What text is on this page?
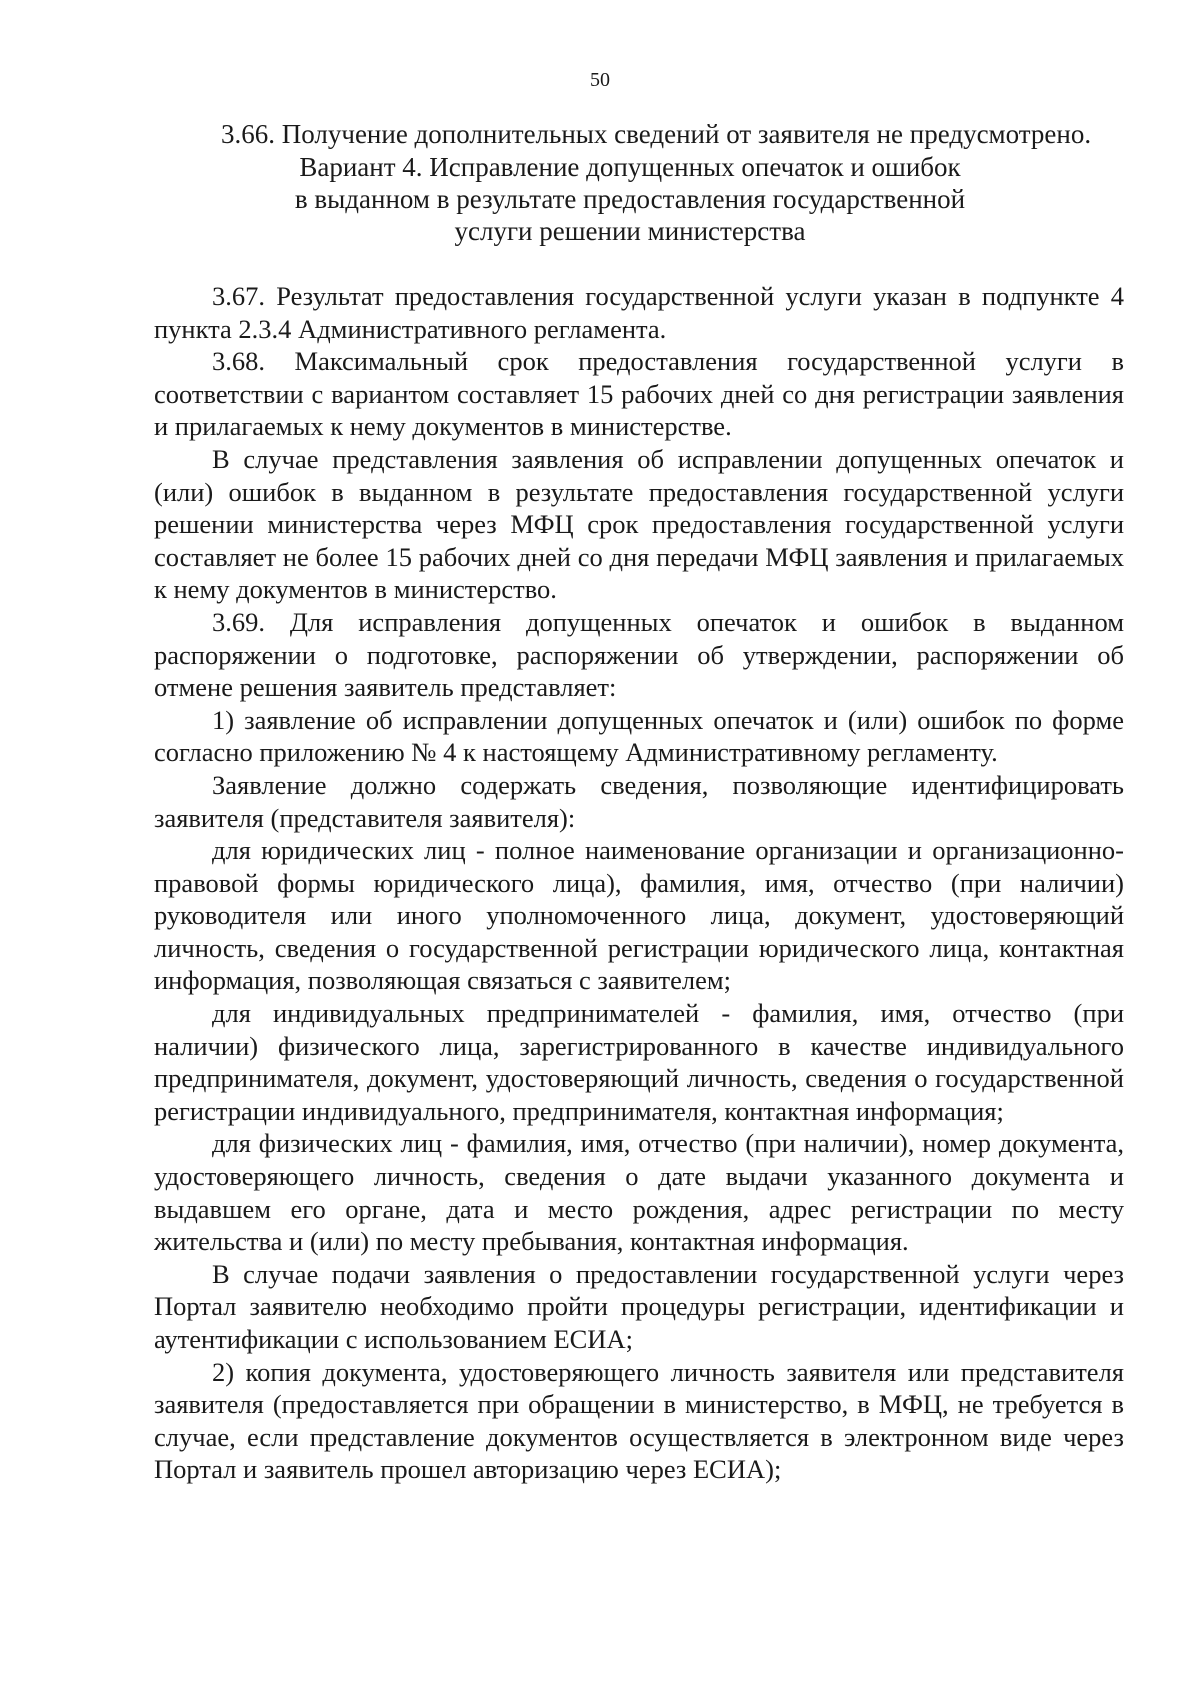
50
3.66. Получение дополнительных сведений от заявителя не предусмотрено.
Вариант 4. Исправление допущенных опечаток и ошибок
в выданном в результате предоставления государственной
услуги решении министерства

3.67. Результат предоставления государственной услуги указан в подпункте 4 пункта 2.3.4 Административного регламента.

3.68. Максимальный срок предоставления государственной услуги в соответствии с вариантом составляет 15 рабочих дней со дня регистрации заявления и прилагаемых к нему документов в министерстве.

В случае представления заявления об исправлении допущенных опечаток и (или) ошибок в выданном в результате предоставления государственной услуги решении министерства через МФЦ срок предоставления государственной услуги составляет не более 15 рабочих дней со дня передачи МФЦ заявления и прилагаемых к нему документов в министерство.

3.69. Для исправления допущенных опечаток и ошибок в выданном распоряжении о подготовке, распоряжении об утверждении, распоряжении об отмене решения заявитель представляет:

1) заявление об исправлении допущенных опечаток и (или) ошибок по форме согласно приложению № 4 к настоящему Административному регламенту.

Заявление должно содержать сведения, позволяющие идентифицировать заявителя (представителя заявителя):

для юридических лиц - полное наименование организации и организационно-правовой формы юридического лица), фамилия, имя, отчество (при наличии) руководителя или иного уполномоченного лица, документ, удостоверяющий личность, сведения о государственной регистрации юридического лица, контактная информация, позволяющая связаться с заявителем;

для индивидуальных предпринимателей - фамилия, имя, отчество (при наличии) физического лица, зарегистрированного в качестве индивидуального предпринимателя, документ, удостоверяющий личность, сведения о государственной регистрации индивидуального, предпринимателя, контактная информация;

для физических лиц - фамилия, имя, отчество (при наличии), номер документа, удостоверяющего личность, сведения о дате выдачи указанного документа и выдавшем его органе, дата и место рождения, адрес регистрации по месту жительства и (или) по месту пребывания, контактная информация.

В случае подачи заявления о предоставлении государственной услуги через Портал заявителю необходимо пройти процедуры регистрации, идентификации и аутентификации с использованием ЕСИА;

2) копия документа, удостоверяющего личность заявителя или представителя заявителя (предоставляется при обращении в министерство, в МФЦ, не требуется в случае, если представление документов осуществляется в электронном виде через Портал и заявитель прошел авторизацию через ЕСИА);
